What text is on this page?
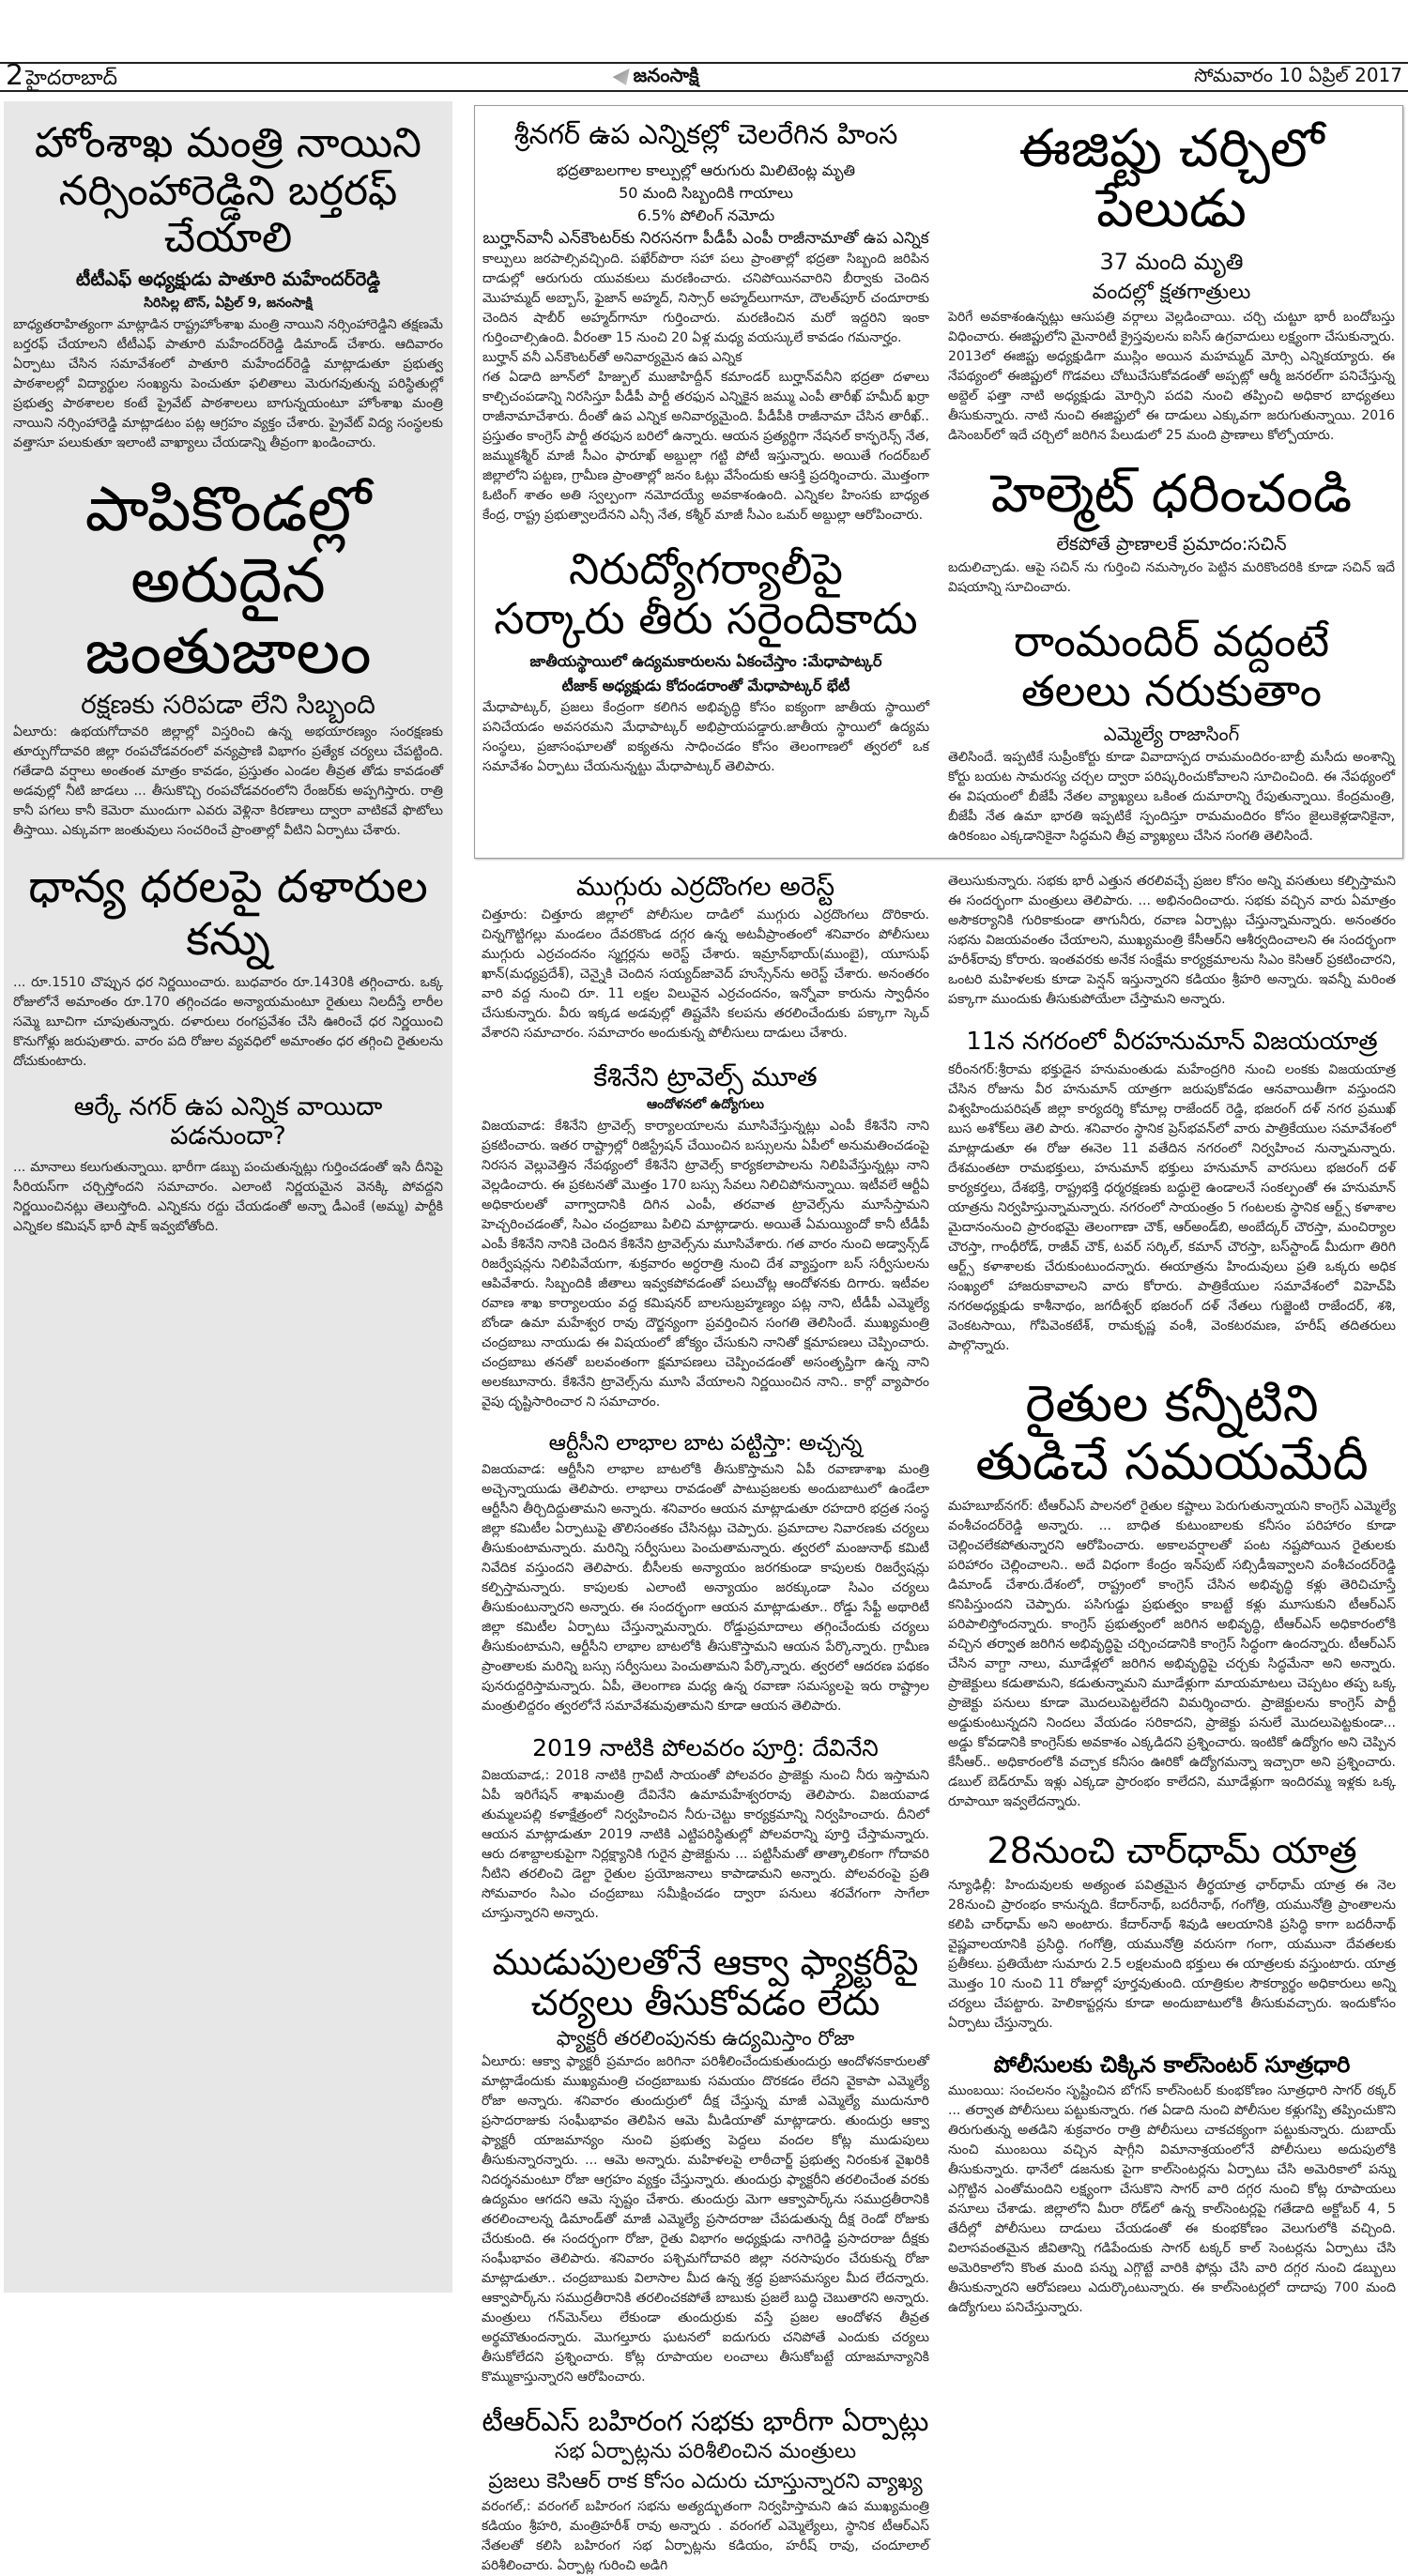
2హైదరాబాద్	జనంసాక్షి	సోమవారం 10 ఏప్రిల్ 2017
హోంశాఖ మంత్రి నాయిని
నర్సింహారెడ్డిని బర్తరఫ్ చేయాలి
టీటీఎఫ్ అధ్యక్షుడు పాతూరి మహేందర్‌రెడ్డి
సిరిసిల్ల టౌన్, ఏప్రిల్ 9, జనంసాక్షి
బాధ్యతరాహిత్యంగా మాట్లాడిన రాష్ట్రహోంశాఖ మంత్రి నాయిని నర్సింహారెడ్డిని తక్షణమే బర్తరఫ్ చేయాలని టీటీఎఫ్ పాతూరి మహేందర్‌రెడ్డి డిమాండ్ చేశారు. ఆదివారం ఏర్పాటు చేసిన సమావేశంలో పాతూరి మహేందర్‌రెడ్డి మాట్లాడుతూ ప్రభుత్వ పాఠశాలల్లో విద్యార్థుల సంఖ్యను పెంచుతూ ఫలితాలు మెరుగవుతున్న పరిస్థితుల్లో ప్రభుత్వ పాఠశాలల కంటే ప్రైవేట్ పాఠశాలలు బాగున్నయంటూ హోంశాఖ మంత్రి నాయిని నర్సింహారెడ్డి మాట్లాడటం పట్ల ఆగ్రహం వ్యక్తం చేశారు. ప్రైవేట్ విద్య సంస్థలకు వత్తాసూ పలుకుతూ ఇలాంటి వాఖ్యాలు చేయడాన్ని తీవ్రంగా ఖండించారు.
పాపికొండల్లో
అరుదైన జంతుజాలం
రక్షణకు సరిపడా లేని సిబ్బంది
ఏలూరు: ఉభయగోదావరి జిల్లాల్లో విస్తరించి ఉన్న అభయారణ్యం సంరక్షణకు తూర్పుగోదావరి జిల్లా రంపచోడవరంలో వన్యప్రాణి విభాగం ప్రత్యేక చర్యలు చేపట్టింది. గతేడాది వర్షాలు అంతంత మాత్రం కావడం, ప్రస్తుతం ఎండల తీవ్రత తోడు కావడంతో అడవుల్లో నీటి జాడలు ... తీసుకొచ్చి రంపచోడవరంలోని రేంజర్‌కు అప్పగిస్తారు. రాత్రి కానీ పగలు కానీ కెమెరా ముందుగా ఎవరు వెళ్లినా కిరణాలు ద్వారా వాటికవే ఫొటోలు తీస్తాయి. ఎక్కువగా జంతువులు సంచరించే ప్రాంతాల్లో వీటిని ఏర్పాటు చేశారు.
ధాన్య ధరలపై దళారుల కన్ను
... రూ.1510 చొప్పున ధర నిర్ణయించారు. బుధవారం రూ.1430కి తగ్గించారు. ఒక్క రోజులోనే అమాంతం రూ.170 తగ్గించడం అన్యాయమంటూ రైతులు నిలదీస్తే లారీల సమ్మె బూచిగా చూపుతున్నారు. దళారులు రంగప్రవేశం చేసి ఊరించే ధర నిర్ణయించి కొనుగోళ్లు జరుపుతారు. వారం పది రోజుల వ్యవధిలో అమాంతం ధర తగ్గించి రైతులను దోచుకుంటారు.
ఆర్కే నగర్ ఉప ఎన్నిక వాయిదా పడనుందా?
... మానాలు కలుగుతున్నాయి. భారీగా డబ్బు పంచుతున్నట్లు గుర్తించడంతో ఇసి దీనిపై సీరియస్‌గా చర్చిస్తోందని సమాచారం. ఎలాంటి నిర్ణయమైన వెనక్కి పోవద్దని నిర్ణయించినట్లు తెలుస్తోంది. ఎన్నికను రద్దు చేయడంతో అన్నా డీఎంకే (అమ్మ) పార్టీకి ఎన్నికల కమిషన్ భారీ షాక్ ఇవ్వబోతోంది.
శ్రీనగర్ ఉప ఎన్నికల్లో చెలరేగిన హింస
భద్రతాబలగాల కాల్పుల్లో ఆరుగురు మిలిటెంట్ల మృతి
50 మంది సిబ్బందికి గాయాలు
6.5% పోలింగ్ నమోదు
బుర్హాన్‌వానీ ఎన్‌కౌంటర్‌కు నిరసనగా పీడీపీ ఎంపీ రాజీనామాతో ఉప ఎన్నిక
కాల్పులు జరపాల్సివచ్చింది. పఖేర్‌పొరా సహా పలు ప్రాంతాల్లో భద్రతా సిబ్బంది జరిపిన దాడుల్లో ఆరుగురు యువకులు మరణించారు. చనిపోయినవారిని బీర్వాకు చెందిన మొహమ్మద్ అబ్బాస్, ఫైజాన్ అహ్మద్, నిస్సార్ అహ్మద్‌లుగానూ, దౌలత్‌పూర్ చందూరాకు చెందిన షాబీర్ అహ్మద్‌గానూ గుర్తించారు. మరణించిన మరో ఇద్దరిని ఇంకా గుర్తించాల్సిఉంది. వీరంతా 15 నుంచి 20 ఏళ్ల మధ్య వయస్కులే కావడం గమనార్హం.
బుర్హాన్ వనీ ఎన్‌కౌంటర్‌తో అనివార్యమైన ఉప ఎన్నిక
గత ఏడాది జూన్‌లో హిజ్బుల్ ముజాహిద్దీన్ కమాండర్ బుర్హాన్‌వనీని భద్రతా దళాలు కాల్చిచంపడాన్ని నిరసిస్తూ పీడీపీ పార్టీ తరఫున ఎన్నికైన జమ్ము ఎంపీ తారీఖ్ హమీద్ ఖర్రా రాజీనామాచేశారు. దీంతో ఉప ఎన్నిక అనివార్యమైంది. పీడీపీకి రాజీనామా చేసిన తారీఖ్.. ప్రస్తుతం కాంగ్రెస్ పార్టీ తరఫున బరిలో ఉన్నారు. ఆయన ప్రత్యర్థిగా నేషనల్ కాన్ఫరెన్స్ నేత, జమ్ముకశ్మీర్ మాజీ సీఎం ఫారూఖ్ అబ్దుల్లా గట్టి పోటీ ఇస్తున్నారు. అయితే గందర్‌బల్ జిల్లాలోని పట్టణ, గ్రామీణ ప్రాంతాల్లో జనం ఓట్లు వేసేందుకు ఆసక్తి ప్రదర్శించారు. మొత్తంగా ఓటింగ్ శాతం అతి స్వల్పంగా నమోదయ్యే అవకాశంఉంది. ఎన్నికల హింసకు బాధ్యత కేంద్ర, రాష్ట్ర ప్రభుత్వాలదేనని ఎన్సీ నేత, కశ్మీర్ మాజీ సీఎం ఒమర్ అబ్దుల్లా ఆరోపించారు.
నిరుద్యోగర్యాలీపై
సర్కారు తీరు సరైందికాదు
జాతీయస్థాయిలో ఉద్యమకారులను ఏకంచేస్తాం :మేధాపాట్కర్
టీజాక్ అధ్యక్షుడు కోదండరాంతో మేధాపాట్కర్ భేటీ
మేధాపాట్కర్, ప్రజలు కేంద్రంగా కలిగిన అభివృద్ధి కోసం ఐక్యంగా జాతీయ స్థాయిలో పనిచేయడం అవసరమని మేధాపాట్కర్ అభిప్రాయపడ్డారు.జాతీయ స్థాయిలో ఉద్యమ సంస్థలు, ప్రజాసంఘాలతో ఐక్యతను సాధించడం కోసం తెలంగాణలో త్వరలో ఒక సమావేశం ఏర్పాటు చేయనున్నట్టు మేధాపాట్కర్ తెలిపారు.
ఈజిప్టు చర్చిలో పేలుడు
37 మంది మృతి
వందల్లో క్షతగాత్రులు
పెరిగే అవకాశంఉన్నట్లు ఆసుపత్రి వర్గాలు వెల్లడించాయి. చర్చి చుట్టూ భారీ బందోబస్తు విధించారు. ఈజిప్టులోని మైనారిటీ క్రైస్తవులను ఐసిస్ ఉగ్రవాదులు లక్ష్యంగా చేసుకున్నారు. 2013లో ఈజిప్టు అధ్యక్షుడిగా ముస్లిం అయిన మహమ్మద్ మోర్సి ఎన్నికయ్యారు. ఈ నేపథ్యంలో ఈజిప్టులో గొడవలు చోటుచేసుకోవడంతో అప్పట్లో ఆర్మీ జనరల్‌గా పనిచేస్తున్న అబ్దెల్ ఫత్తా నాటి అధ్యక్షుడు మోర్సిని పదవి నుంచి తప్పించి అధికార బాధ్యతలు తీసుకున్నారు. నాటి నుంచి ఈజిప్టులో ఈ దాడులు ఎక్కువగా జరుగుతున్నాయి. 2016 డిసెంబర్‌లో ఇదే చర్చిలో జరిగిన పేలుడులో 25 మంది ప్రాణాలు కోల్పోయారు.
హెల్మెట్ ధరించండి
లేకపోతే ప్రాణాలకే ప్రమాదం:సచిన్
బదులిచ్చాడు. ఆపై సచిన్ ను గుర్తించి నమస్కారం పెట్టిన మరికొందరికి కూడా సచిన్ ఇదే విషయాన్ని సూచించారు.
రాంమందిర్ వద్దంటే
తలలు నరుకుతాం
ఎమ్మెల్యే రాజాసింగ్
తెలిసిందే. ఇప్పటికే సుప్రీంకోర్టు కూడా వివాదాస్పద రామమందిరం-బాబ్రీ మసీదు అంశాన్ని కోర్టు బయట సామరస్య చర్చల ద్వారా పరిష్కరించుకోవాలని సూచించింది. ఈ నేపథ్యంలో ఈ విషయంలో బీజేపీ నేతల వ్యాఖ్యలు ఒకింత దుమారాన్ని రేపుతున్నాయి. కేంద్రమంత్రి, బీజేపీ నేత ఉమా భారతి ఇప్పటికే స్పందిస్తూ రామమందిరం కోసం జైలుకెళ్లడానికైనా, ఉరికంబం ఎక్కడానికైనా సిద్ధమని తీవ్ర వ్యాఖ్యలు చేసిన సంగతి తెలిసిందే.
ముగ్గురు ఎర్రదొంగల అరెస్ట్
చిత్తూరు: చిత్తూరు జిల్లాలో పోలీసుల దాడిలో ముగ్గురు ఎర్రదొంగలు దొరికారు. చిన్నగొట్టిగల్లు మండలం దేవరకొండ దగ్గర ఉన్న అటవీప్రాంతంలో శనివారం పోలీసులు ముగ్గురు ఎర్రచందనం స్మగ్లర్లను అరెస్ట్ చేశారు. ఇమ్రాన్‌భాయ్(ముంబై), యూసుఫ్ ఖాన్(మధ్యప్రదేశ్), చెన్నైకి చెందిన సయ్యద్‌జావెద్ హుస్సేన్‌ను అరెస్ట్ చేశారు. అనంతరం వారి వద్ద నుంచి రూ. 11 లక్షల విలువైన ఎర్రచందనం, ఇన్నోవా కారును స్వాధీనం చేసుకున్నారు. వీరు ఇక్కడ అడవుల్లో తిష్టవేసి కలపను తరలించేందుకు పక్కాగా స్కెచ్ వేశారని సమాచారం. సమాచారం అందుకున్న పోలీసులు దాడులు చేశారు.
కేశినేని ట్రావెల్స్ మూత
ఆందోళనలో ఉద్యోగులు
విజయవాడ: కేశినేని ట్రావెల్స్ కార్యాలయాలను మూసివేస్తున్నట్లు ఎంపీ కేశినేని నాని ప్రకటించారు. ఇతర రాష్ట్రాల్లో రిజిస్ట్రేషన్ చేయించిన బస్సులను ఏపీలో అనుమతించడంపై నిరసన వెల్లువెత్తిన నేపథ్యంలో కేశినేని ట్రావెల్స్ కార్యకలాపాలను నిలిపివేస్తున్నట్లు నాని వెల్లడించారు. ఈ ప్రకటనతో మొత్తం 170 బస్సు సేవలు నిలిచిపోనున్నాయి. ఇటీవలే ఆర్టీఏ అధికారులతో వాగ్వాదానికి దిగిన ఎంపీ, తరవాత ట్రావెల్స్‌ను మూసేస్తామని హెచ్చరించడంతో, సిఎం చంద్రబాబు పిలిచి మాట్లాడారు. అయితే ఏమయ్యిందో కానీ టీడీపీ ఎంపీ కేశినేని నానికి చెందిన కేశినేని ట్రావెల్స్‌ను మూసివేశారు. గత వారం నుంచి అడ్వాన్స్‌డ్ రిజర్వేషన్లను నిలిపివేయగా, శుక్రవారం అర్ధరాత్రి నుంచి దేశ వ్యాప్తంగా బస్ సర్వీసులను ఆపివేశారు. సిబ్బందికి జీతాలు ఇవ్వకపోవడంతో పలుచోట్ల ఆందోళనకు దిగారు. ఇటీవల రవాణ శాఖ కార్యాలయం వద్ద కమిషనర్ బాలసుబ్రహ్మణ్యం పట్ల నాని, టీడీపీ ఎమ్మెల్యే బోండా ఉమా మహేశ్వర రావు దౌర్జన్యంగా ప్రవర్తించిన సంగతి తెలిసిందే. ముఖ్యమంత్రి చంద్రబాబు నాయుడు ఈ విషయంలో జోక్యం చేసుకుని నానితో క్షమాపణలు చెప్పించారు. చంద్రబాబు తనతో బలవంతంగా క్షమాపణలు చెప్పించడంతో అసంతృప్తిగా ఉన్న నాని అలకబూనారు. కేశినేని ట్రావెల్స్‌ను మూసి వేయాలని నిర్ణయించిన నాని.. కార్గో వ్యాపారం వైపు దృష్టిసారించార ని సమాచారం.
ఆర్టీసీని లాభాల బాట పట్టిస్తా: అచ్చన్న
విజయవాడ: ఆర్టీసీని లాభాల బాటలోకి తీసుకొస్తామని ఏపీ రవాణాశాఖ మంత్రి అచ్చెన్నాయుడు తెలిపారు. లాభాలు రావడంతో పాటుప్రజలకు అందుబాటులో ఉండేలా ఆర్టీసీని తీర్చిదిద్దుతామని అన్నారు. శనివారం ఆయన మాట్లాడుతూ రహదారి భద్రత సంస్థ జిల్లా కమిటీల ఏర్పాటుపై తొలిసంతకం చేసినట్లు చెప్పారు. ప్రమాదాల నివారణకు చర్యలు తీసుకుంటామన్నారు. మరిన్ని సర్వీసులు పెంచుతామన్నారు. త్వరలో మంజునాథ్ కమిటీ నివేదిక వస్తుందని తెలిపారు. బీసీలకు అన్యాయం జరగకుండా కాపులకు రిజర్వేషన్లు కల్పిస్తామన్నారు. కాపులకు ఎలాంటి అన్యాయం జరక్కుండా సిఎం చర్యలు తీసుకుంటున్నారని అన్నారు. ఈ సందర్భంగా ఆయన మాట్లాడుతూ.. రోడ్డు సేఫ్టీ అథారిటీ జిల్లా కమిటీల ఏర్పాటు చేస్తున్నామన్నారు. రోడ్డుప్రమాదాలు తగ్గించేందుకు చర్యలు తీసుకుంటామని, ఆర్టీసీని లాభాల బాటలోకి తీసుకొస్తామని ఆయన పేర్కొన్నారు. గ్రామీణ ప్రాంతాలకు మరిన్ని బస్సు సర్వీసులు పెంచుతామని పేర్కొన్నారు. త్వరలో ఆదరణ పథకం పునరుద్దరిస్తామన్నారు. ఏపీ, తెలంగాణ మధ్య ఉన్న రవాణా సమస్యలపై ఇరు రాష్ట్రాల మంత్రులిద్దరం త్వరలోనే సమావేశమవుతామని కూడా ఆయన తెలిపారు.
2019 నాటికి పోలవరం పూర్తి: దేవినేని
విజయవాడ,: 2018 నాటికి గ్రావిటీ సాయంతో పోలవరం ప్రాజెక్టు నుంచి నీరు ఇస్తామని ఏపీ ఇరిగేషన్ శాఖమంత్రి దేవినేని ఉమామహేశ్వరరావు తెలిపారు. విజయవాడ తుమ్మలపల్లి కళాక్షేత్రంలో నిర్వహించిన నీరు-చెట్టు కార్యక్రమాన్ని నిర్వహించారు. దీనిలో ఆయన మాట్లాడుతూ 2019 నాటికి ఎట్టిపరిస్థితుల్లో పోలవరాన్ని పూర్తి చేస్తామన్నారు. ఆరు దశాబ్దాలకుపైగా నిర్లక్ష్యానికి గురైన ప్రాజెక్టును ... పట్టిసీమతో తాత్కాలికంగా గోదావరి నీటిని తరలించి డెల్టా రైతుల ప్రయోజనాలు కాపాడామని అన్నారు. పోలవరంపై ప్రతి సోమవారం సిఎం చంద్రబాబు సమీక్షించడం ద్వారా పనులు శరవేగంగా సాగేలా చూస్తున్నారని అన్నారు.
ముడుపులతోనే ఆక్వా ఫ్యాక్టరీపై
చర్యలు తీసుకోవడం లేదు
ఫ్యాక్టరీ తరలింపునకు ఉద్యమిస్తాం రోజా
ఏలూరు: ఆక్వా ఫ్యాక్టరీ ప్రమాదం జరిగినా పరిశీలించేందుకుతుందుర్రు ఆందోళనకారులతో మాట్లాడేందుకు ముఖ్యమంత్రి చంద్రబాబుకు సమయం దొరకడం లేదని వైకాపా ఎమ్మెల్యే రోజా అన్నారు. శనివారం తుందుర్రులో దీక్ష చేస్తున్న మాజీ ఎమ్మెల్యే ముదునూరి ప్రసాదరాజుకు సంఘీభావం తెలిపిన ఆమె మీడియాతో మాట్లాడారు. తుందుర్రు ఆక్వా ఫ్యాక్టరీ యాజమాన్యం నుంచి ప్రభుత్వ పెద్దలు వందల కోట్ల ముడుపులు తీసుకున్నారన్నారు. ... ఆమె అన్నారు. మహిళలపై లాఠీచార్జ్ ప్రభుత్వ నిరంకుశ వైఖరికి నిదర్శనమంటూ రోజా ఆగ్రహం వ్యక్తం చేస్తున్నారు. తుందుర్రు ఫ్యాక్టరీని తరలించేంత వరకు ఉద్యమం ఆగదని ఆమె స్పష్టం చేశారు. తుందుర్రు మెగా ఆక్వాపార్క్‌ను సముద్రతీరానికి తరలించాలన్న డిమాండ్‌తో మాజీ ఎమ్మెల్యే ప్రసాదరాజు చేపడుతున్న దీక్ష రెండో రోజుకు చేరుకుంది. ఈ సందర్భంగా రోజా, రైతు విభాగం అధ్యక్షుడు నాగిరెడ్డి ప్రసాదరాజు దీక్షకు సంఘీభావం తెలిపారు. శనివారం పశ్చిమగోదావరి జిల్లా నరసాపురం చేరుకున్న రోజా మాట్లాడుతూ.. చంద్రబాబుకు విలాసాల మీద ఉన్న శ్రద్ధ ప్రజాసమస్యల మీద లేదన్నారు. ఆక్వాపార్క్‌ను సముద్రతీరానికి తరలించకపోతే బాబుకు ప్రజలే బుద్ధి చెబుతారని అన్నారు. మంత్రులు గన్‌మెన్‌లు లేకుండా తుందుర్రుకు వస్తే ప్రజల ఆందోళన తీవ్రత అర్థమౌతుందన్నారు. మొగల్తూరు ఘటనలో ఐదుగురు చనిపోతే ఎందుకు చర్యలు తీసుకోలేదని ప్రశ్నించారు. కోట్ల రూపాయల లంచాలు తీసుకోబట్టే యాజమాన్యానికి కొమ్ముకాస్తున్నారని ఆరోపించారు.
టీఆర్ఎస్ బహిరంగ సభకు భారీగా ఏర్పాట్లు
సభ ఏర్పాట్లను పరిశీలించిన మంత్రులు
ప్రజలు కెసిఆర్ రాక కోసం ఎదురు చూస్తున్నారని వ్యాఖ్య
వరంగల్,: వరంగల్ బహిరంగ సభను అత్యద్భుతంగా నిర్వహిస్తామని ఉప ముఖ్యమంత్రి కడియం శ్రీహరి, మంత్రిహరీశ్ రావు అన్నారు . వరంగల్ ఎమ్మెల్యేలు, స్థానిక టీఆర్ఎస్ నేతలతో కలిసి బహిరంగ సభ ఏర్పాట్లను కడియం, హరీష్ రావు, చందూలాల్ పరిశీలించారు. ఏర్పాట్ల గురించి అడిగి
తెలుసుకున్నారు. సభకు భారీ ఎత్తున తరలివచ్చే ప్రజల కోసం అన్ని వసతులు కల్పిస్తామని ఈ సందర్భంగా మంత్రులు తెలిపారు. ... అభినందించారు. సభకు వచ్చిన వారు ఏమాత్రం అసౌకర్యానికి గురికాకుండా తాగునీరు, రవాణ ఏర్పాట్లు చేస్తున్నామన్నారు. అనంతరం సభను విజయవంతం చేయాలని, ముఖ్యమంత్రి కేసీఆర్‌ని ఆశీర్వదించాలని ఈ సందర్భంగా హరీశ్‌రావు కోరారు. ఇంతవరకు అనేక సంక్షేమ కార్యక్రమాలను సిఎం కెసిఆర్ ప్రకటించారని, ఒంటరి మహిళలకు కూడా పెన్షన్ ఇస్తున్నారని కడియం శ్రీహరి అన్నారు. ఇవన్నీ మరింత పక్కాగా ముందుకు తీసుకుపోయేలా చేస్తామని అన్నారు.
11న నగరంలో వీరహనుమాన్ విజయయాత్ర
కరీంనగర్:శ్రీరామ భక్తుడైన హనుమంతుడు మహేంద్రగిరి నుంచి లంకకు విజయయాత్ర చేసిన రోజును వీర హనుమాన్ యాత్రగా జరుపుకోవడం ఆనవాయితీగా వస్తుందని విశ్వహిందుపరిషత్ జిల్లా కార్యదర్శి కోమాల్ల రాజేందర్ రెడ్డి, భజరంగ్ దళ్ నగర ప్రముఖ్ బుస అశోక్‌లు తెలి పారు. శనివారం స్థానిక ప్రెస్‌భవన్‌లో వారు పాత్రికేయుల సమావేశంలో మాట్లాడుతూ ఈ రోజు ఈనెల 11 వతేదిన నగరంలో నిర్వహించ నున్నామన్నారు. దేశమంతటా రామభక్తులు, హనుమాన్ భక్తులు హనుమాన్ వారసులు భజరంగ్ దళ్ కార్యకర్తలు, దేశభక్తి, రాష్ట్రభక్తి ధర్మరక్షణకు బద్ధులై ఉండాలనే సంకల్పంతో ఈ హనుమాన్ యాత్రను నిర్వహిస్తున్నామన్నారు. నగరంలో సాయంత్రం 5 గంటలకు స్థానిక ఆర్ట్స్ కళాశాల మైదానంనుంచి ప్రారంభమై తెలంగాణా చౌక్, ఆర్అండ్‌బి, అంబేద్కర్ చౌరస్తా, మంచిర్యాల చౌరస్తా, గాంధీరోడ్, రాజీవ్ చౌక్, టవర్ సర్కిల్, కమాన్ చౌరస్తా, బస్‌స్టాండ్ మీదుగా తిరిగి ఆర్ట్స్ కళాశాలకు చేరుకుంటుందన్నారు. ఈయాత్రను హిందువులు ప్రతి ఒక్కరు అధిక సంఖ్యలో హాజరుకావాలని వారు కోరారు. పాత్రికేయుల సమావేశంలో విహెచ్‌పి నగరఅధ్యక్షుడు కాశీనాథం, జగదీశ్వర్ భజరంగ్ దళ్ నేతలు గుజ్జెంటి రాజేందర్, శశి, వెంకటసాయి, గోపివెంకటేశ్, రామకృష్ణ వంశీ, వెంకటరమణ, హరీష్ తదితరులు పాల్గొన్నారు.
రైతుల కన్నీటిని
తుడిచే సమయమేదీ
మహబూబ్‌నగర్: టీఆర్ఎస్ పాలనలో రైతుల కష్టాలు పెరుగుతున్నాయని కాంగ్రెస్ ఎమ్మెల్యే వంశీచందర్‌రెడ్డి అన్నారు. ... బాధిత కుటుంబాలకు కనీసం పరిహారం కూడా చెల్లించలేకపోతున్నారని ఆరోపించారు. అకాలవర్షాలతో పంట నష్టపోయిన రైతులకు పరిహారం చెల్లించాలని.. అదే విధంగా కేంద్రం ఇన్‌పుట్ సబ్సిడీఇవ్వాలని వంశీచందర్‌రెడ్డి డిమాండ్ చేశారు.దేశంలో, రాష్ట్రంలో కాంగ్రెస్ చేసిన అభివృద్ధి కళ్లు తెరిచిచూస్తే కనిపిస్తుందని చెప్పారు. పసిగుడ్డు ప్రభుత్వం కాబట్టే కళ్లు మూసుకుని టీఆర్ఎస్ పరిపాలిస్తోందన్నారు. కాంగ్రెస్ ప్రభుత్వంలో జరిగిన అభివృద్ధి, టీఆర్ఎస్ అధికారంలోకి వచ్చిన తర్వాత జరిగిన అభివృద్ధిపై చర్చించడానికి కాంగ్రెస్ సిద్ధంగా ఉందన్నారు. టీఆర్ఎస్ చేసిన వాగ్దా నాలు, మూడేళ్లలో జరిగిన అభివృద్ధిపై చర్చకు సిద్ధమేనా అని అన్నారు. ప్రాజెక్టులు కడుతామని, కడుతున్నామని మూడేళ్లుగా మాయమాటలు చెప్పటం తప్ప ఒక్క ప్రాజెక్టు పనులు కూడా మొదలుపెట్టలేదని విమర్శించారు. ప్రాజెక్టులను కాంగ్రెస్ పార్టీ అడ్డుకుంటున్నదని నిందలు వేయడం సరికాదని, ప్రాజెక్టు పనులే మొదలుపెట్టకుండా... అడ్డు కోవడానికి కాంగ్రెస్‌కు అవకాశం ఎక్కడిదని ప్రశ్నించారు. ఇంటికో ఉద్యోగం అని చెప్పిన కేసీఆర్.. అధికారంలోకి వచ్చాక కనీసం ఊరికో ఉద్యోగమన్నా ఇచ్చారా అని ప్రశ్నించారు. డబుల్ బెడ్‌రూమ్ ఇళ్లు ఎక్కడా ప్రారంభం కాలేదని, మూడేళ్లుగా ఇందిరమ్మ ఇళ్లకు ఒక్క రూపాయీ ఇవ్వలేదన్నారు.
28నుంచి చార్‌ధామ్ యాత్ర
న్యూఢిల్లీ: హిందువులకు అత్యంత పవిత్రమైన తీర్థయాత్ర ఛార్‌ధామ్ యాత్ర ఈ నెల 28నుంచి ప్రారంభం కానున్నది. కేదార్‌నాథ్, బదరీనాథ్, గంగోత్రి, యమునోత్రి ప్రాంతాలను కలిపి చార్‌ధామ్ అని అంటారు. కేదార్‌నాథ్ శివుడి ఆలయానికి ప్రసిద్ధి కాగా బదరీనాథ్ వైష్ణవాలయానికి ప్రసిద్ధి. గంగోత్రి, యమునోత్రి వరుసగా గంగా, యమునా దేవతలకు ప్రతీకలు. ప్రతియేటా సుమారు 2.5 లక్షలమంది భక్తులు ఈ యాత్రలకు వస్తుంటారు. యాత్ర మొత్తం 10 నుంచి 11 రోజుల్లో పూర్తవుతుంది. యాత్రికుల సౌకర్యార్థం అధికారులు అన్ని చర్యలు చేపట్టారు. హెలికాప్టర్లను కూడా అందుబాటులోకి తీసుకువచ్చారు. ఇందుకోసం ఏర్పాటు చేస్తున్నారు.
పోలీసులకు చిక్కిన కాల్‌సెంటర్ సూత్రధారి
ముంబయి: సంచలనం సృష్టించిన బోగస్ కాల్‌సెంటర్ కుంభకోణం సూత్రధారి సాగర్ ఠక్కర్ ... తర్వాత పోలీసులు పట్టుకున్నారు. గత ఏడాది నుంచి పోలీసుల కళ్లుగప్పి తప్పించుకొని తిరుగుతున్న అతడిని శుక్రవారం రాత్రి పోలీసులు చాకచక్యంగా పట్టుకున్నారు. దుబాయ్ నుంచి ముంబయి వచ్చిన షాగ్గీని విమానాశ్రయంలోనే పోలీసులు అదుపులోకి తీసుకున్నారు. థానేలో డజనుకు పైగా కాల్‌సెంటర్లను ఏర్పాటు చేసి అమెరికాలో పన్ను ఎగ్గొట్టిన ఎంతోమందిని లక్ష్యంగా చేసుకొని సాగర్ వారి దగ్గర నుంచి కోట్ల రూపాయలు వసూలు చేశాడు. జిల్లాలోని మీరా రోడ్‌లో ఉన్న కాల్‌సెంటర్లపై గతేడాది అక్టోబర్ 4, 5 తేదీల్లో పోలీసులు దాడులు చేయడంతో ఈ కుంభకోణం వెలుగులోకి వచ్చింది. విలాసవంతమైన జీవితాన్ని గడిపేందుకు సాగర్ టక్కర్ కాల్ సెంటర్లను ఏర్పాటు చేసి అమెరికాలోని కొంత మంది పన్ను ఎగ్గొట్టే వారికి ఫోన్లు చేసి వారి దగ్గర నుంచి డబ్బులు తీసుకున్నారని ఆరోపణలు ఎదుర్కొంటున్నారు. ఈ కాల్‌సెంటర్లలో దాదాపు 700 మంది ఉద్యోగులు పనిచేస్తున్నారు.
